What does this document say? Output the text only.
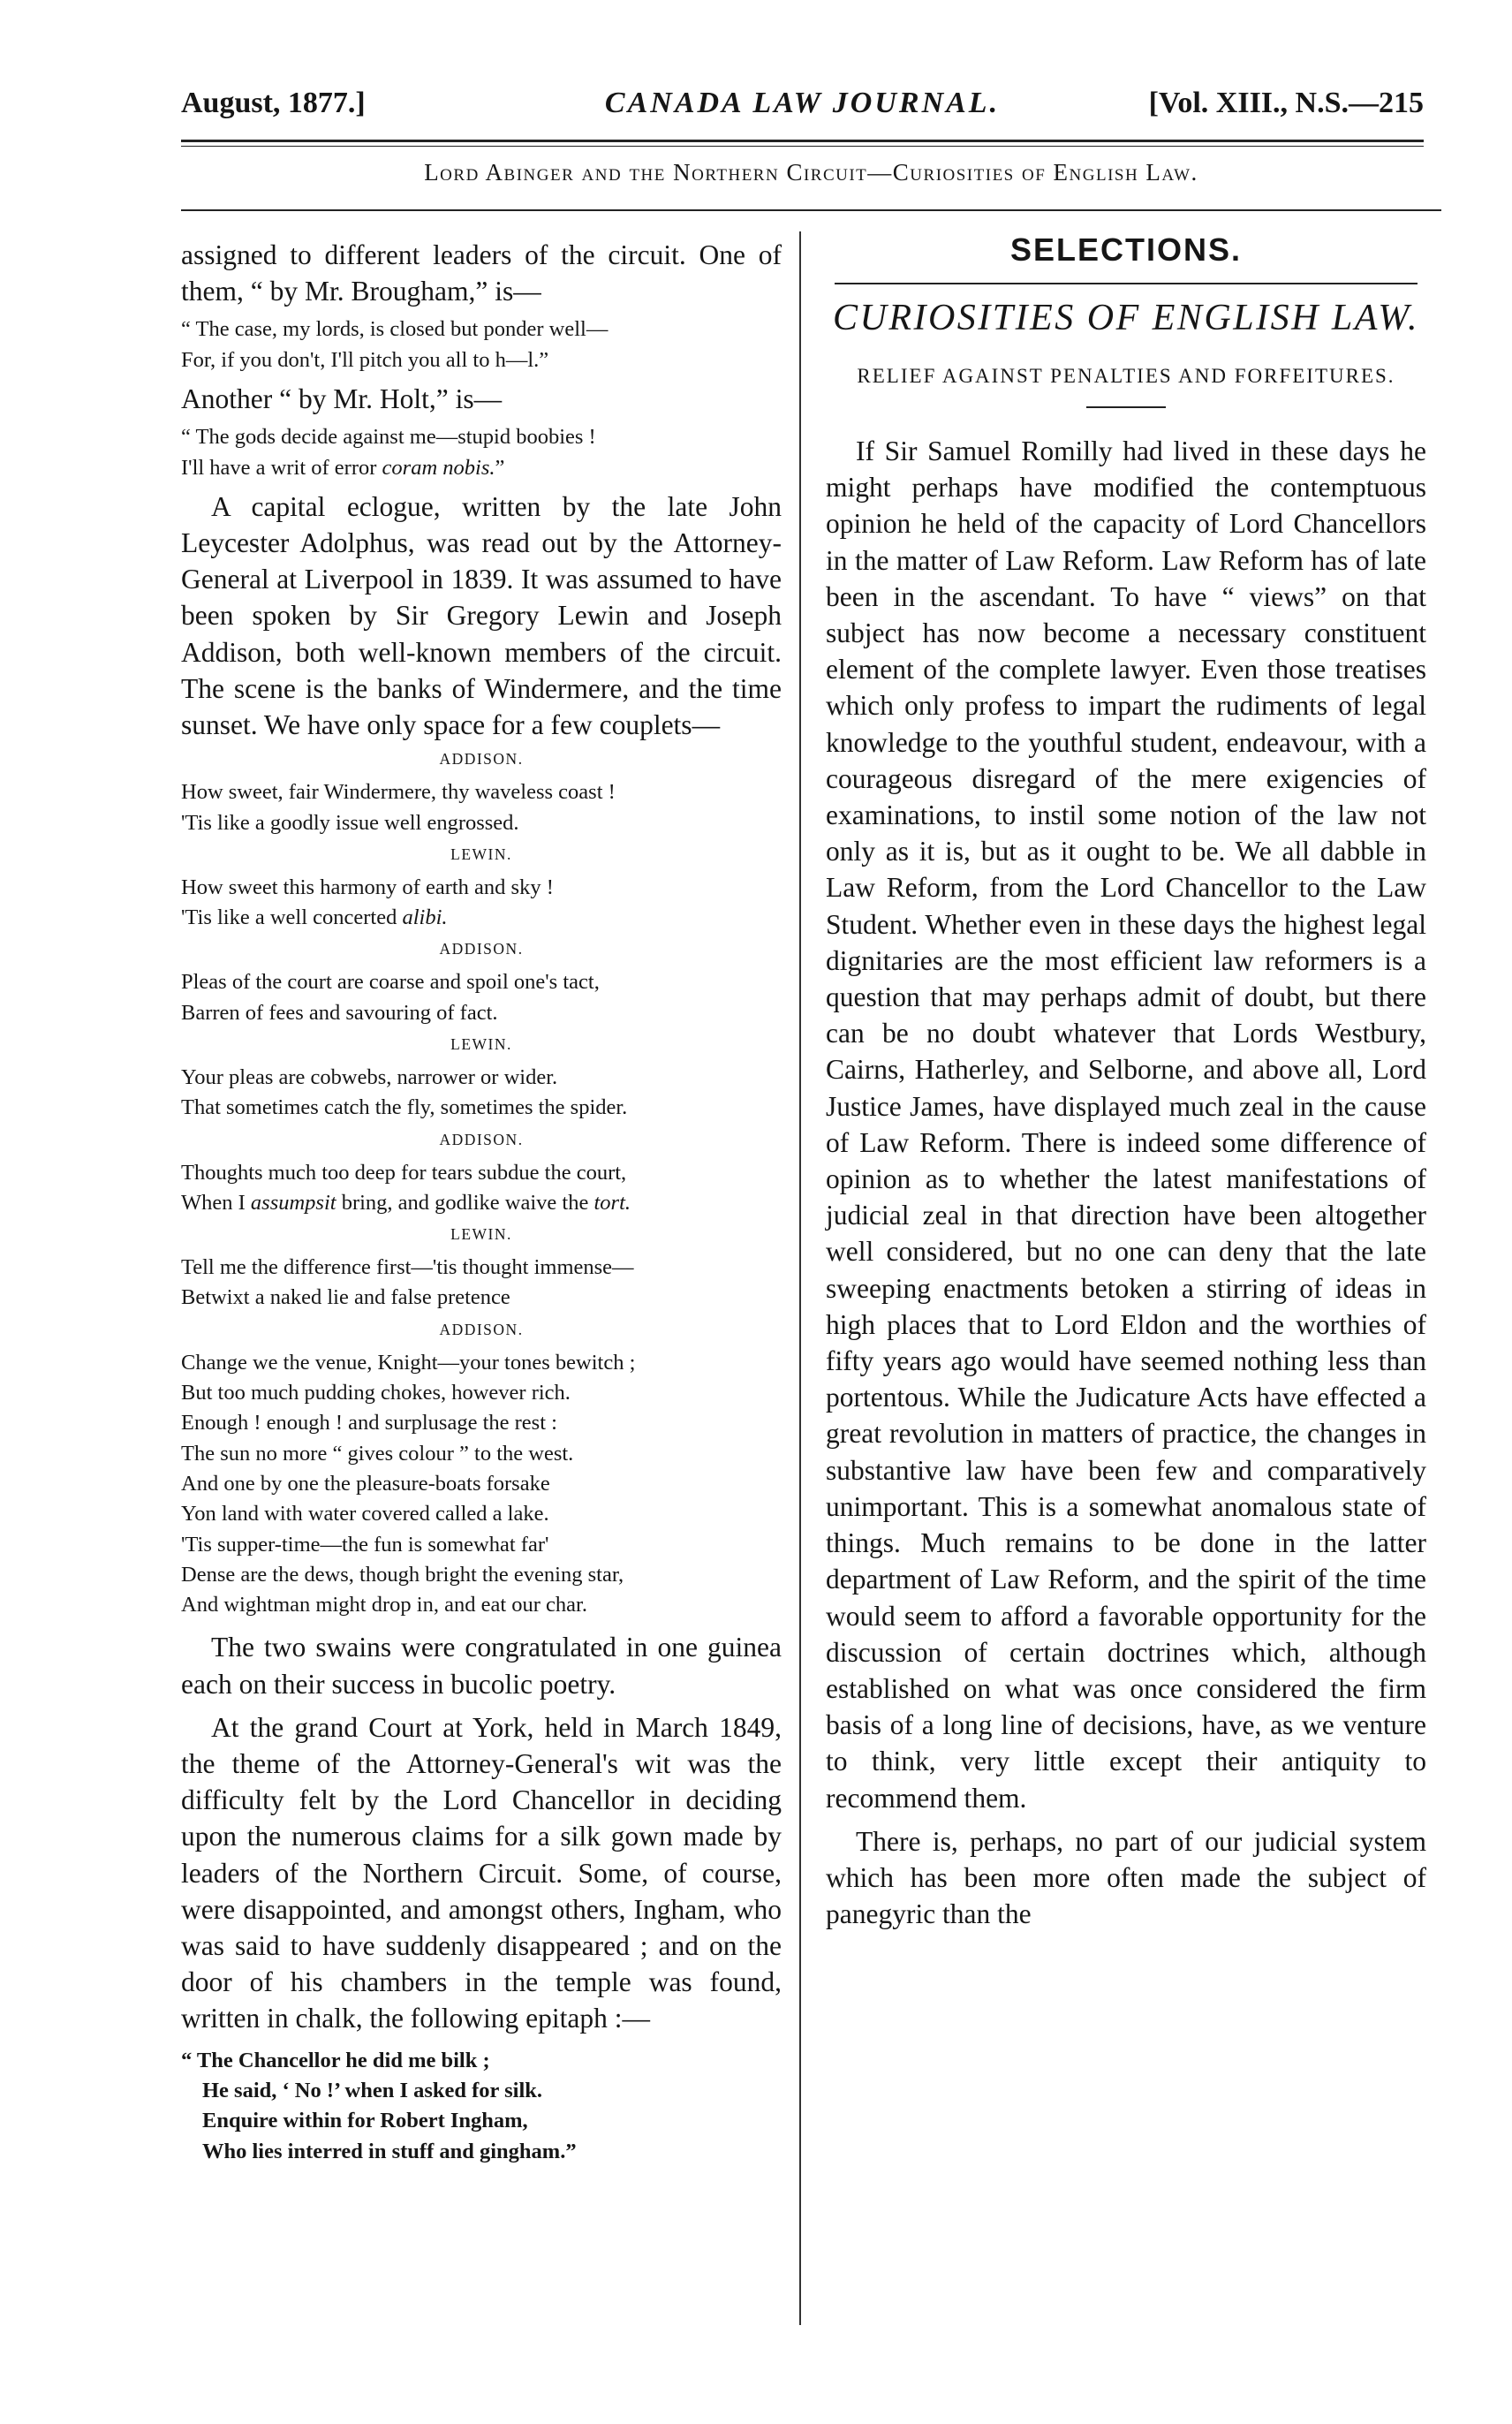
August, 1877.]	CANADA LAW JOURNAL.	[Vol. XIII., N.S.—215
Lord Abinger and the Northern Circuit—Curiosities of English Law.

assigned to different leaders of the circuit. One of them, “ by Mr. Brougham,” is—

“ The case, my lords, is closed but ponder well—
For, if you don't, I'll pitch you all to h—l.”

Another “ by Mr. Holt,” is—

“ The gods decide against me—stupid boobies !
I'll have a writ of error coram nobis.”

A capital eclogue, written by the late John Leycester Adolphus, was read out by the Attorney-General at Liverpool in 1839. It was assumed to have been spoken by Sir Gregory Lewin and Joseph Addison, both well-known members of the circuit. The scene is the banks of Windermere, and the time sunset. We have only space for a few couplets—

ADDISON.
How sweet, fair Windermere, thy waveless coast !
'Tis like a goodly issue well engrossed.
LEWIN.
How sweet this harmony of earth and sky !
'Tis like a well concerted alibi.
ADDISON.
Pleas of the court are coarse and spoil one's tact,
Barren of fees and savouring of fact.
LEWIN.
Your pleas are cobwebs, narrower or wider.
That sometimes catch the fly, sometimes the spider.
ADDISON.
Thoughts much too deep for tears subdue the court,
When I assumpsit bring, and godlike waive the tort.
LEWIN.
Tell me the difference first—'tis thought immense—
Betwixt a naked lie and false pretence
ADDISON.
Change we the venue, Knight—your tones bewitch ;
But too much pudding chokes, however rich.
Enough ! enough ! and surplusage the rest :
The sun no more “ gives colour ” to the west.
And one by one the pleasure-boats forsake
Yon land with water covered called a lake.
'Tis supper-time—the fun is somewhat far'
Dense are the dews, though bright the evening star,
And wightman might drop in, and eat our char.

The two swains were congratulated in one guinea each on their success in bucolic poetry.

At the grand Court at York, held in March 1849, the theme of the Attorney-General's wit was the difficulty felt by the Lord Chancellor in deciding upon the numerous claims for a silk gown made by leaders of the Northern Circuit. Some, of course, were disappointed, and amongst others, Ingham, who was said to have suddenly disappeared ; and on the door of his chambers in the temple was found, written in chalk, the following epitaph :—

“ The Chancellor he did me bilk ;
He said, ‘ No !’ when I asked for silk.
Enquire within for Robert Ingham,
Who lies interred in stuff and gingham.”
SELECTIONS.
CURIOSITIES OF ENGLISH LAW.
RELIEF AGAINST PENALTIES AND FORFEITURES.

If Sir Samuel Romilly had lived in these days he might perhaps have modified the contemptuous opinion he held of the capacity of Lord Chancellors in the matter of Law Reform. Law Reform has of late been in the ascendant. To have “ views” on that subject has now become a necessary constituent element of the complete lawyer. Even those treatises which only profess to impart the rudiments of legal knowledge to the youthful student, endeavour, with a courageous disregard of the mere exigencies of examinations, to instil some notion of the law not only as it is, but as it ought to be. We all dabble in Law Reform, from the Lord Chancellor to the Law Student. Whether even in these days the highest legal dignitaries are the most efficient law reformers is a question that may perhaps admit of doubt, but there can be no doubt whatever that Lords Westbury, Cairns, Hatherley, and Selborne, and above all, Lord Justice James, have displayed much zeal in the cause of Law Reform. There is indeed some difference of opinion as to whether the latest manifestations of judicial zeal in that direction have been altogether well considered, but no one can deny that the late sweeping enactments betoken a stirring of ideas in high places that to Lord Eldon and the worthies of fifty years ago would have seemed nothing less than portentous. While the Judicature Acts have effected a great revolution in matters of practice, the changes in substantive law have been few and comparatively unimportant. This is a somewhat anomalous state of things. Much remains to be done in the latter department of Law Reform, and the spirit of the time would seem to afford a favorable opportunity for the discussion of certain doctrines which, although established on what was once considered the firm basis of a long line of decisions, have, as we venture to think, very little except their antiquity to recommend them.

There is, perhaps, no part of our judicial system which has been more often made the subject of panegyric than the
